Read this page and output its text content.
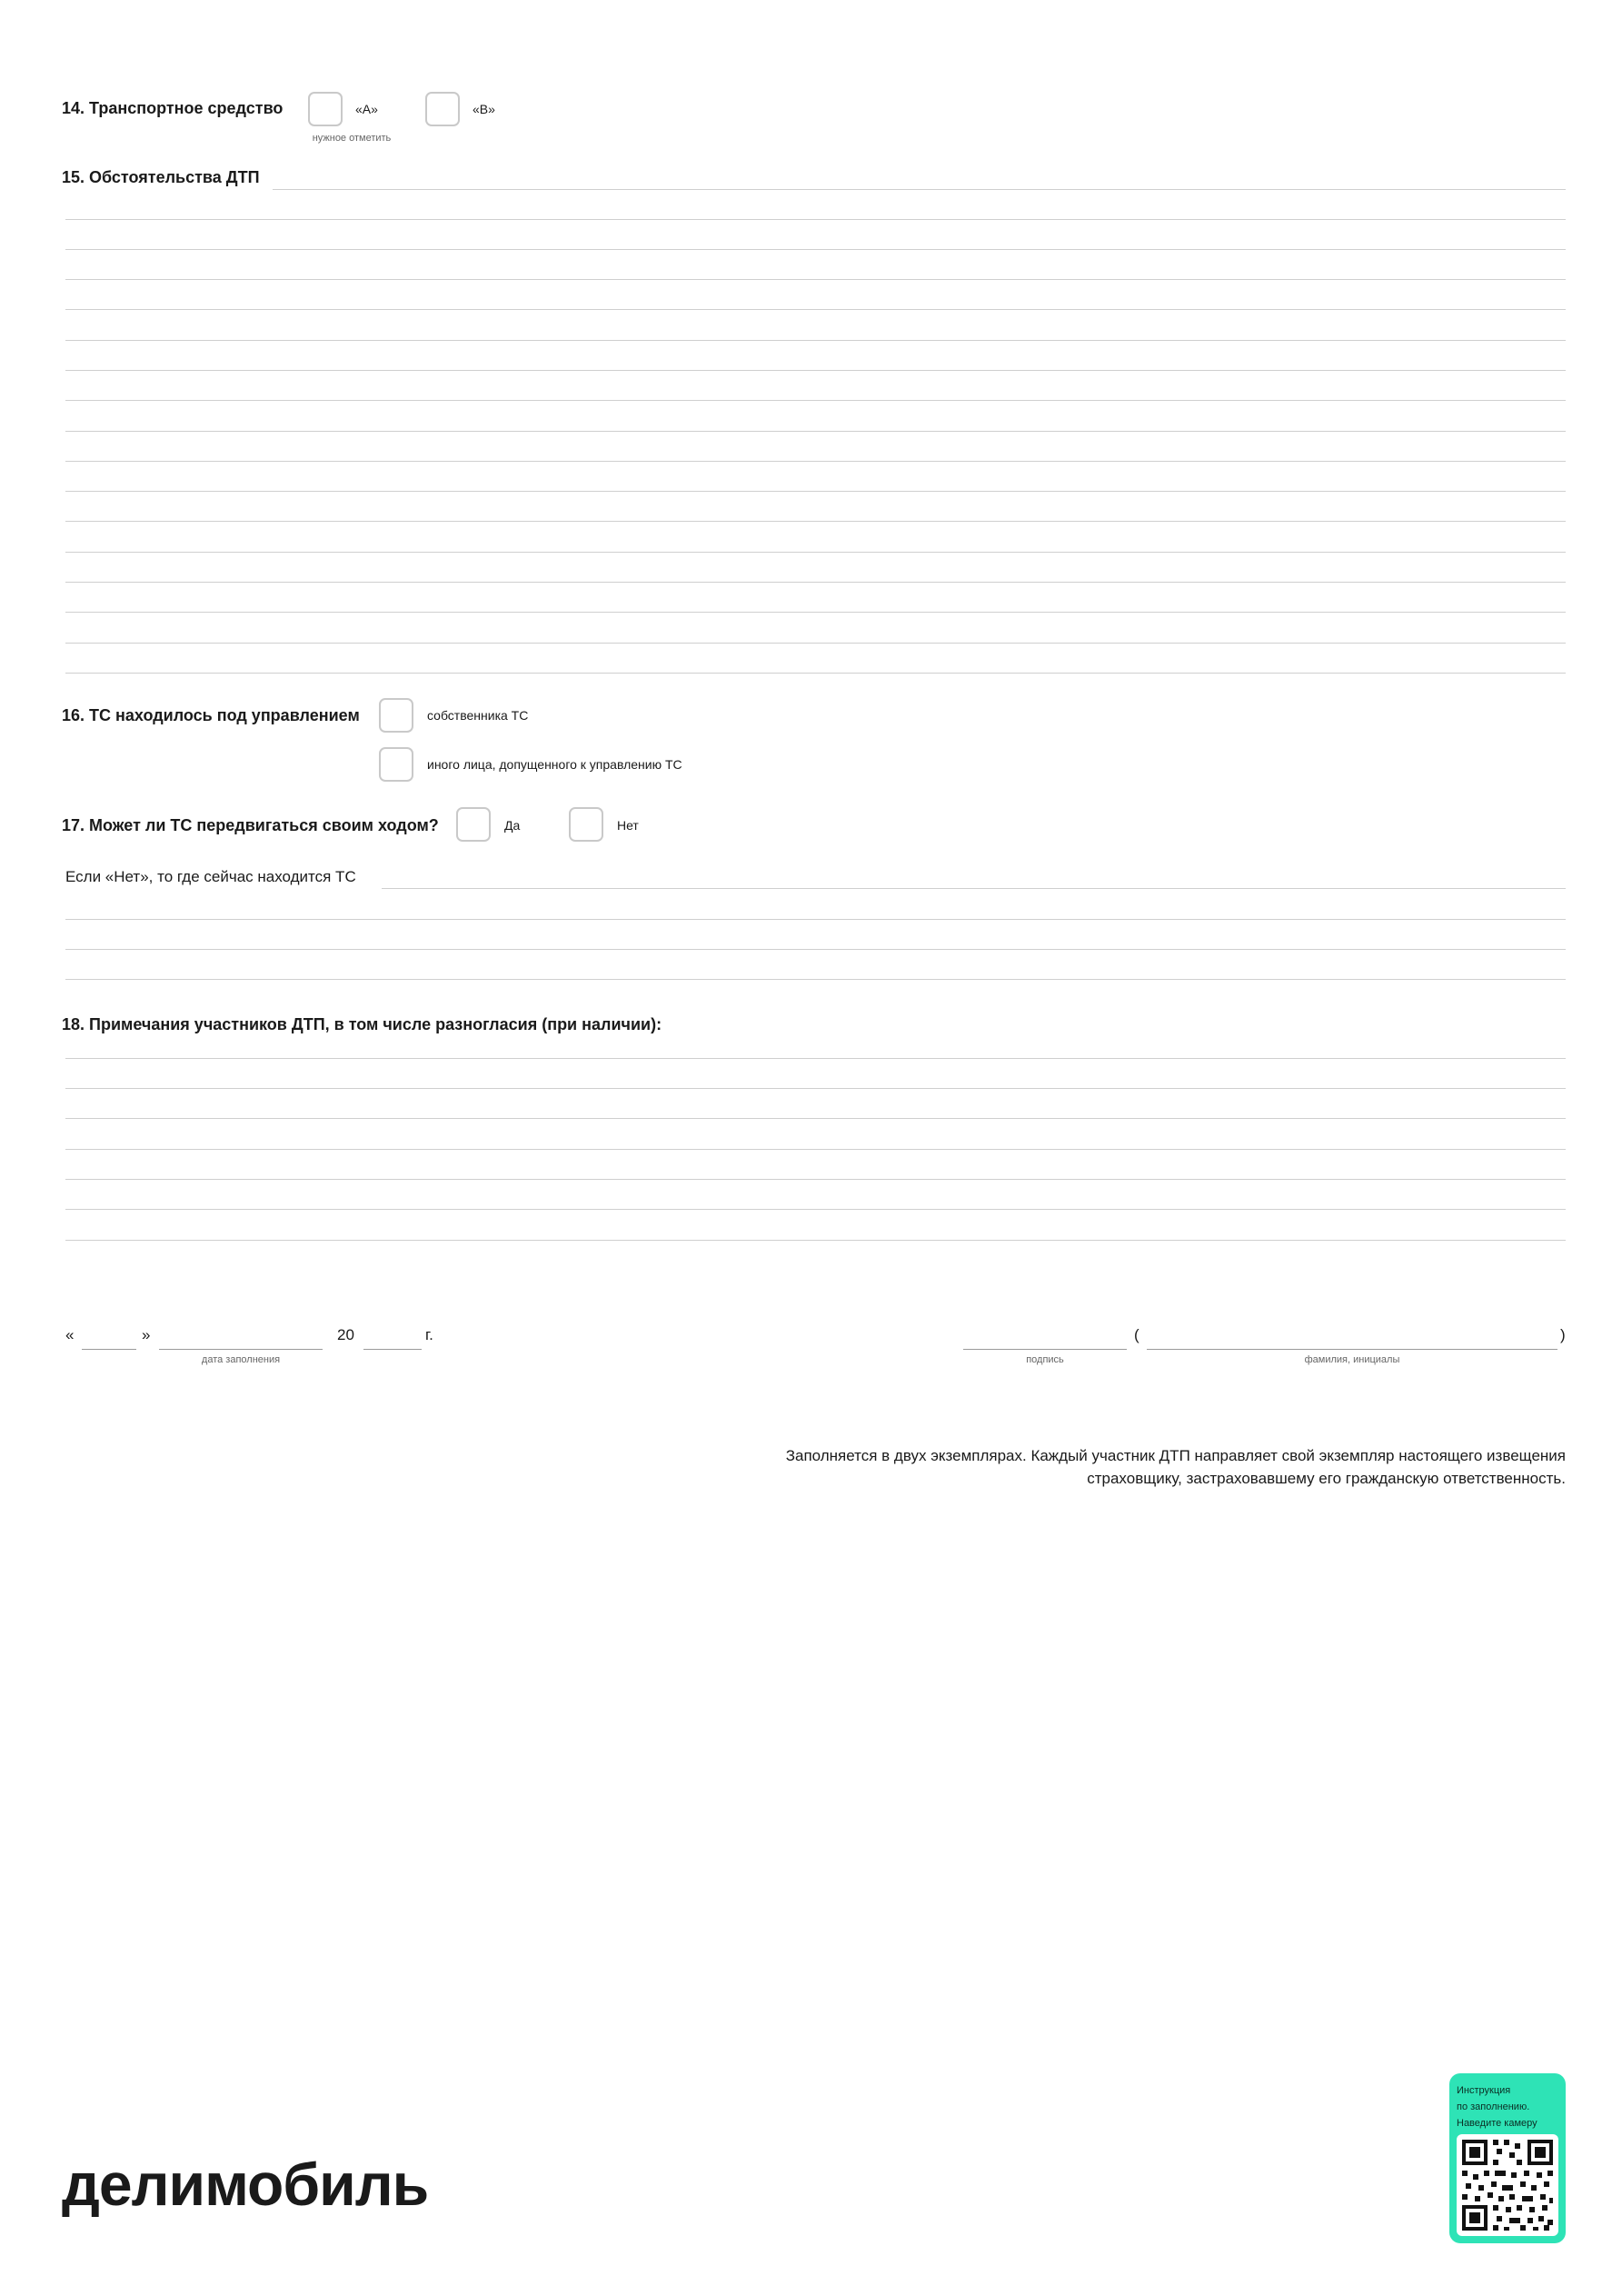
14. Транспортное средство	«A»	«B»
нужное отметить
15. Обстоятельства ДТП
16. ТС находилось под управлением	собственника ТС
иного лица, допущенного к управлению ТС
17. Может ли ТС передвигаться своим ходом?	Да	Нет
Если «Нет», то где сейчас находится ТС
18. Примечания участников ДТП, в том числе разногласия (при наличии):
«	»
дата заполнения
20	г.
подпись
(
фамилия, инициалы
)
Заполняется в двух экземплярах. Каждый участник ДТП направляет свой экземпляр настоящего извещения
страховщику, застраховавшему его гражданскую ответственность.
делимобиль
Инструкция
по заполнению.
Наведите камеру
